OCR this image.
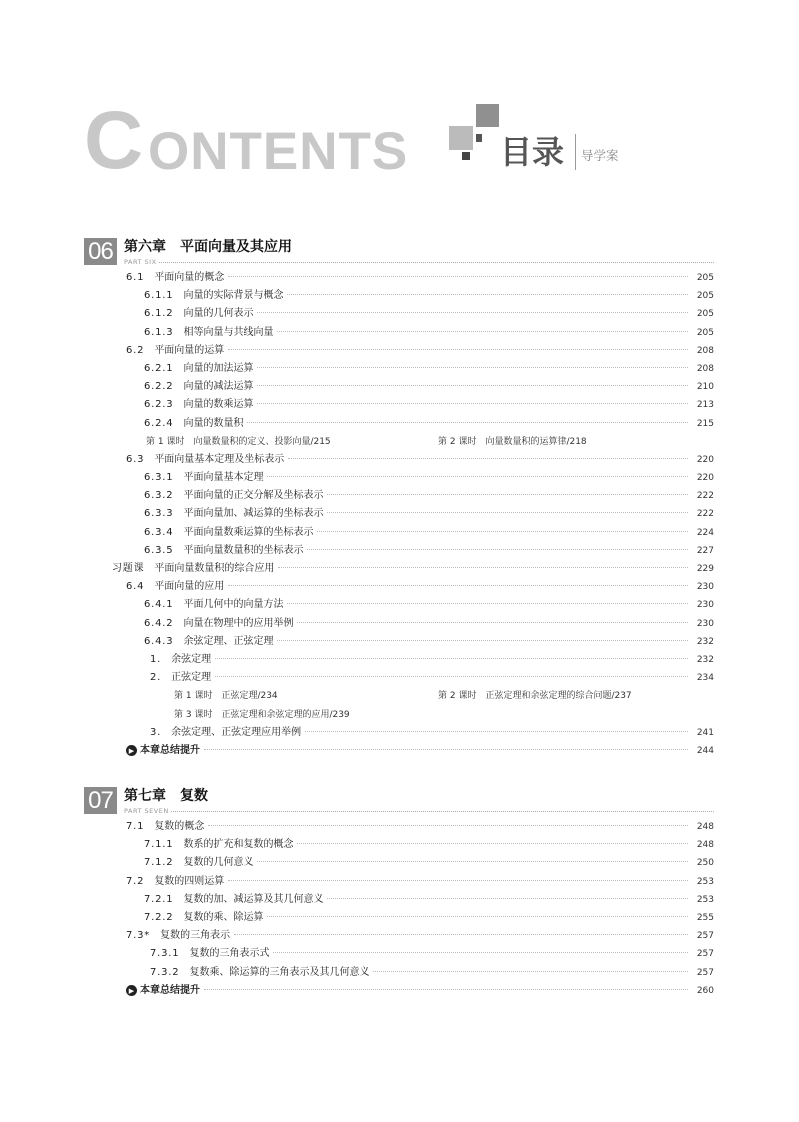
C ONTENTS	目录 导学案
06 第六章　平面向量及其应用
PART SIX
6.1	平面向量的概念	205
6.1.1	向量的实际背景与概念	205
6.1.2	向量的几何表示	205
6.1.3	相等向量与共线向量	205
6.2	平面向量的运算	208
6.2.1	向量的加法运算	208
6.2.2	向量的减法运算	210
6.2.3	向量的数乘运算	213
6.2.4	向量的数量积	215
第 1 课时　向量数量积的定义、投影向量/215	第 2 课时　向量数量积的运算律/218
6.3	平面向量基本定理及坐标表示	220
6.3.1	平面向量基本定理	220
6.3.2	平面向量的正交分解及坐标表示	222
6.3.3	平面向量加、减运算的坐标表示	222
6.3.4	平面向量数乘运算的坐标表示	224
6.3.5	平面向量数量积的坐标表示	227
习题课	平面向量数量积的综合应用	229
6.4	平面向量的应用	230
6.4.1	平面几何中的向量方法	230
6.4.2	向量在物理中的应用举例	230
6.4.3	余弦定理、正弦定理	232
1.	余弦定理	232
2.	正弦定理	234
第 1 课时　正弦定理/234	第 2 课时　正弦定理和余弦定理的综合问题/237
第 3 课时　正弦定理和余弦定理的应用/239
3.	余弦定理、正弦定理应用举例	241
▶ 本章总结提升	244
07 第七章　复数
PART SEVEN
7.1	复数的概念	248
7.1.1	数系的扩充和复数的概念	248
7.1.2	复数的几何意义	250
7.2	复数的四则运算	253
7.2.1	复数的加、减运算及其几何意义	253
7.2.2	复数的乘、除运算	255
7.3*	复数的三角表示	257
7.3.1	复数的三角表示式	257
7.3.2	复数乘、除运算的三角表示及其几何意义	257
▶ 本章总结提升	260
